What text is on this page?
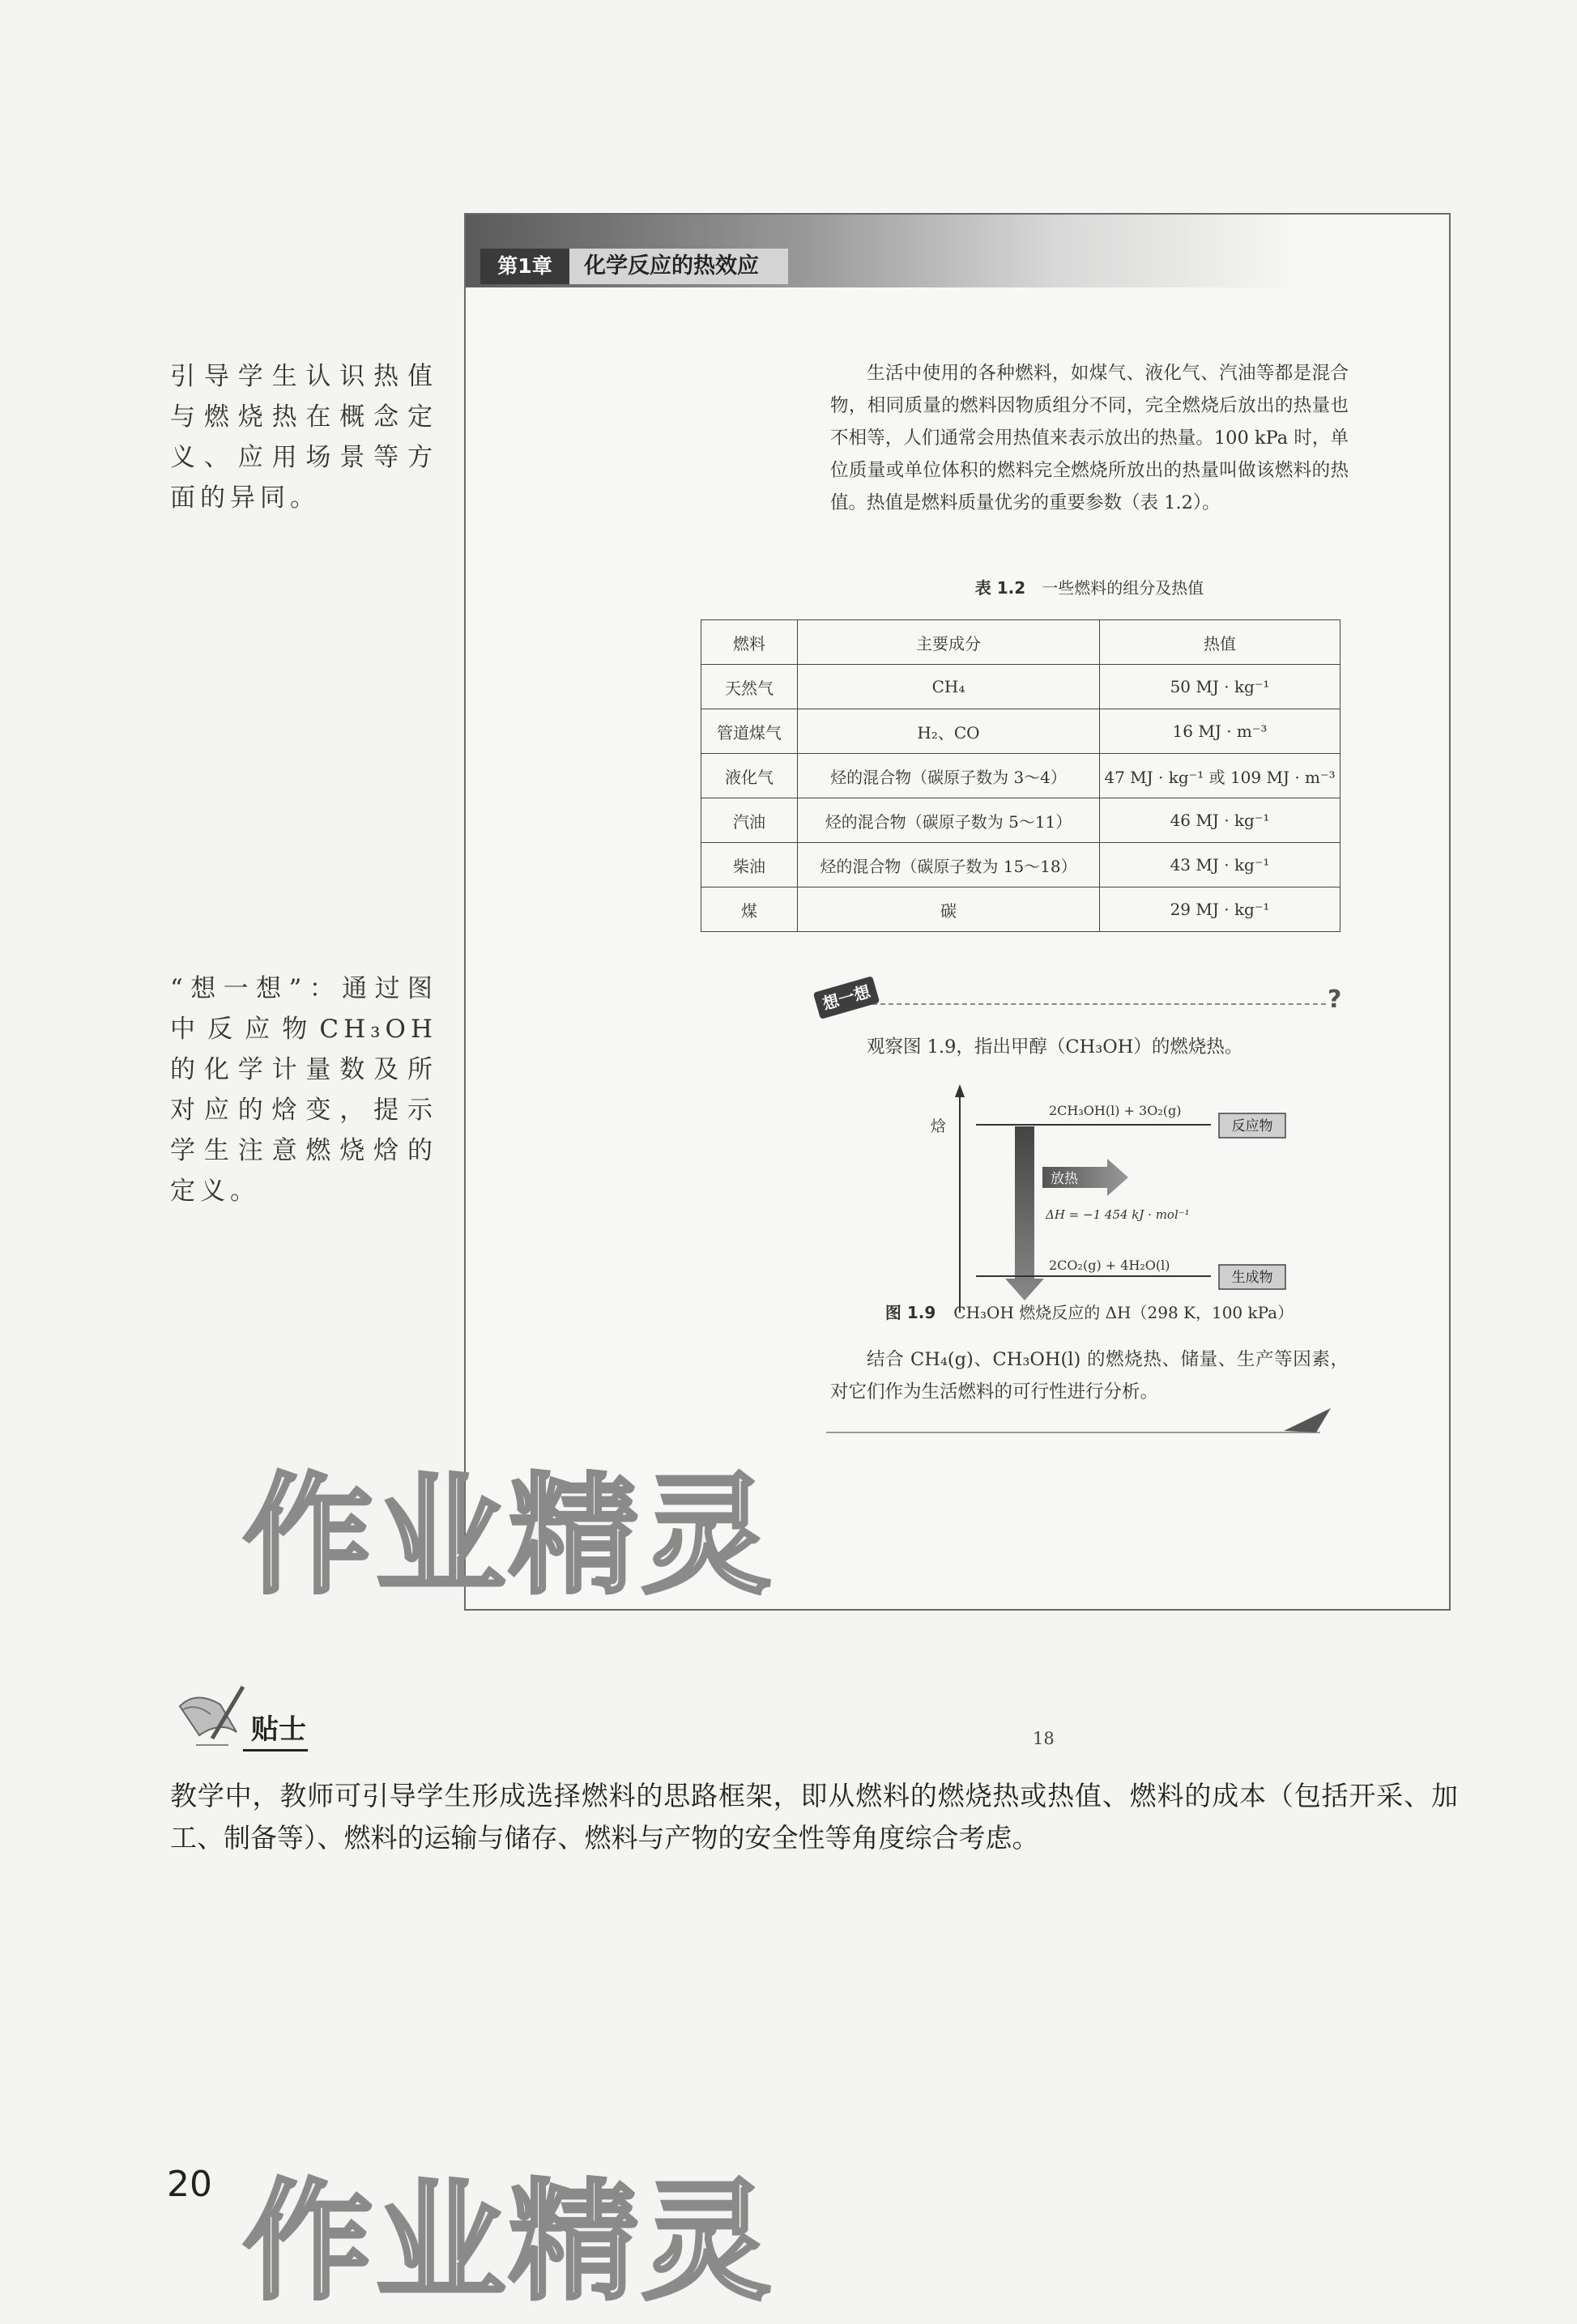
引导学生认识热值与燃烧热在概念定义、应用场景等方面的异同。
“想一想”：通过图中反应物CH₃OH的化学计量数及所对应的焓变，提示学生注意燃烧焓的定义。
第1章	化学反应的热效应
生活中使用的各种燃料，如煤气、液化气、汽油等都是混合物，相同质量的燃料因物质组分不同，完全燃烧后放出的热量也不相等，人们通常会用热值来表示放出的热量。100 kPa 时，单位质量或单位体积的燃料完全燃烧所放出的热量叫做该燃料的热值。热值是燃料质量优劣的重要参数（表 1.2）。
表 1.2 一些燃料的组分及热值
燃料	主要成分	热值
天然气	CH₄	50 MJ · kg⁻¹
管道煤气	H₂、CO	16 MJ · m⁻³
液化气	烃的混合物（碳原子数为 3～4）	47 MJ · kg⁻¹ 或 109 MJ · m⁻³
汽油	烃的混合物（碳原子数为 5～11）	46 MJ · kg⁻¹
柴油	烃的混合物（碳原子数为 15～18）	43 MJ · kg⁻¹
煤	碳	29 MJ · kg⁻¹
想一想	?
观察图 1.9，指出甲醇（CH₃OH）的燃烧热。
焓
2CH₃OH(l) + 3O₂(g)
反应物
放热
ΔH = −1 454 kJ · mol⁻¹
2CO₂(g) + 4H₂O(l)
生成物
图 1.9 CH₃OH 燃烧反应的 ΔH（298 K，100 kPa）
结合 CH₄(g)、CH₃OH(l) 的燃烧热、储量、生产等因素，对它们作为生活燃料的可行性进行分析。
18
作业精灵
作业精灵
贴士
教学中，教师可引导学生形成选择燃料的思路框架，即从燃料的燃烧热或热值、燃料的成本（包括开采、加工、制备等）、燃料的运输与储存、燃料与产物的安全性等角度综合考虑。
20
